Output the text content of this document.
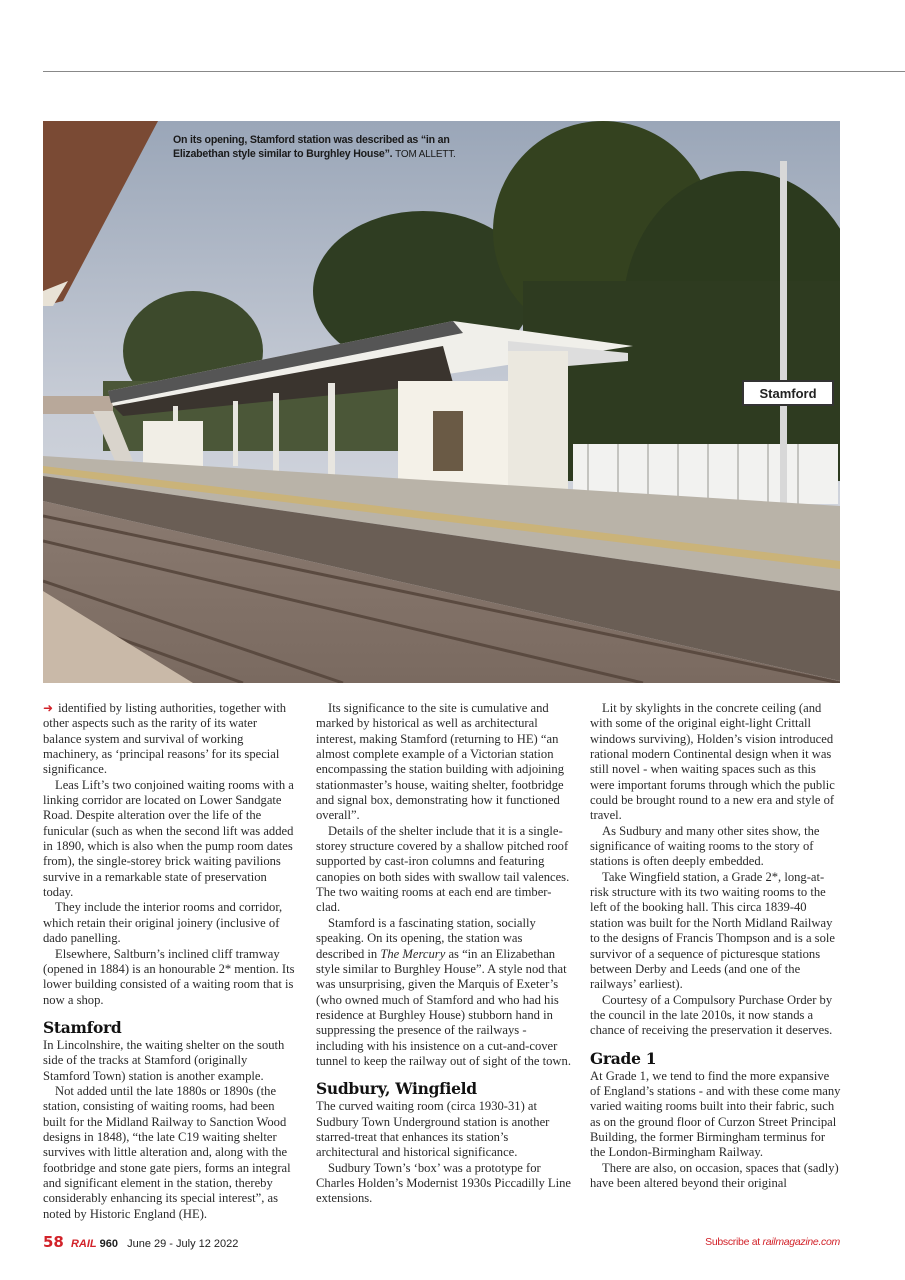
Stamford
On its opening, Stamford station was described as “in an Elizabethan style similar to Burghley House”. TOM ALLETT.

➜ identified by listing authorities, together with other aspects such as the rarity of its water balance system and survival of working machinery, as ‘principal reasons’ for its special significance.

Leas Lift’s two conjoined waiting rooms with a linking corridor are located on Lower Sandgate Road. Despite alteration over the life of the funicular (such as when the second lift was added in 1890, which is also when the pump room dates from), the single-storey brick waiting pavilions survive in a remarkable state of preservation today.

They include the interior rooms and corridor, which retain their original joinery (inclusive of dado panelling.

Elsewhere, Saltburn’s inclined cliff tramway (opened in 1884) is an honourable 2* mention. Its lower building consisted of a waiting room that is now a shop.

Stamford

In Lincolnshire, the waiting shelter on the south side of the tracks at Stamford (originally Stamford Town) station is another example.

Not added until the late 1880s or 1890s (the station, consisting of waiting rooms, had been built for the Midland Railway to Sanction Wood designs in 1848), “the late C19 waiting shelter survives with little alteration and, along with the footbridge and stone gate piers, forms an integral and significant element in the station, thereby considerably enhancing its special interest”, as noted by Historic England (HE).

Its significance to the site is cumulative and marked by historical as well as architectural interest, making Stamford (returning to HE) “an almost complete example of a Victorian station encompassing the station building with adjoining stationmaster’s house, waiting shelter, footbridge and signal box, demonstrating how it functioned overall”.

Details of the shelter include that it is a single-storey structure covered by a shallow pitched roof supported by cast-iron columns and featuring canopies on both sides with swallow tail valences. The two waiting rooms at each end are timber-clad.

Stamford is a fascinating station, socially speaking. On its opening, the station was described in The Mercury as “in an Elizabethan style similar to Burghley House”. A style nod that was unsurprising, given the Marquis of Exeter’s (who owned much of Stamford and who had his residence at Burghley House) stubborn hand in suppressing the presence of the railways - including with his insistence on a cut-and-cover tunnel to keep the railway out of sight of the town.

Sudbury, Wingfield

The curved waiting room (circa 1930-31) at Sudbury Town Underground station is another starred-treat that enhances its station’s architectural and historical significance.

Sudbury Town’s ‘box’ was a prototype for Charles Holden’s Modernist 1930s Piccadilly Line extensions.

Lit by skylights in the concrete ceiling (and with some of the original eight-light Crittall windows surviving), Holden’s vision introduced rational modern Continental design when it was still novel - when waiting spaces such as this were important forums through which the public could be brought round to a new era and style of travel.

As Sudbury and many other sites show, the significance of waiting rooms to the story of stations is often deeply embedded.

Take Wingfield station, a Grade 2*, long-at-risk structure with its two waiting rooms to the left of the booking hall. This circa 1839-40 station was built for the North Midland Railway to the designs of Francis Thompson and is a sole survivor of a sequence of picturesque stations between Derby and Leeds (and one of the railways’ earliest).

Courtesy of a Compulsory Purchase Order by the council in the late 2010s, it now stands a chance of receiving the preservation it deserves.

Grade 1

At Grade 1, we tend to find the more expansive of England’s stations - and with these come many varied waiting rooms built into their fabric, such as on the ground floor of Curzon Street Principal Building, the former Birmingham terminus for the London-Birmingham Railway.

There are also, on occasion, spaces that (sadly) have been altered beyond their original

58 RAIL 960 June 29 - July 12 2022	Subscribe at railmagazine.com
